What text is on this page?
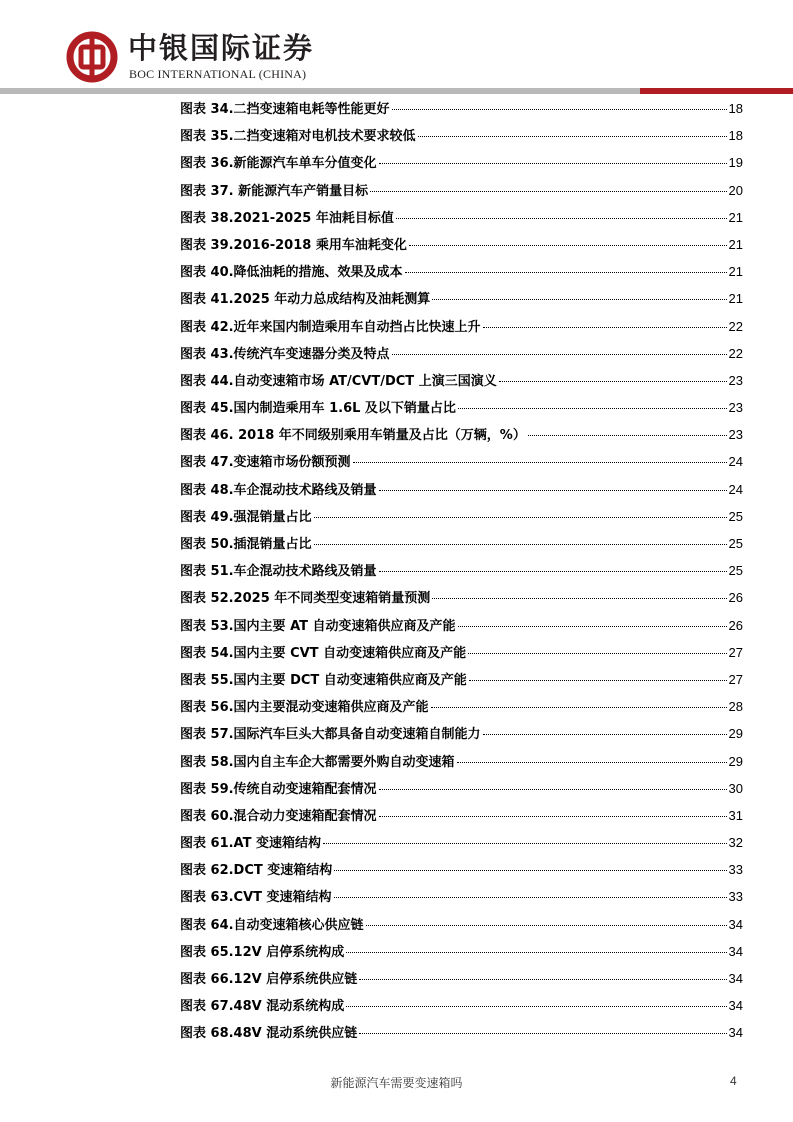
中银国际证券
BOC INTERNATIONAL (CHINA)
图表 34.二挡变速箱电耗等性能更好	18
图表 35.二挡变速箱对电机技术要求较低	18
图表 36.新能源汽车单车分值变化	19
图表 37. 新能源汽车产销量目标	20
图表 38.2021-2025 年油耗目标值	21
图表 39.2016-2018 乘用车油耗变化	21
图表 40.降低油耗的措施、效果及成本	21
图表 41.2025 年动力总成结构及油耗测算	21
图表 42.近年来国内制造乘用车自动挡占比快速上升	22
图表 43.传统汽车变速器分类及特点	22
图表 44.自动变速箱市场 AT/CVT/DCT 上演三国演义	23
图表 45.国内制造乘用车 1.6L 及以下销量占比	23
图表 46. 2018 年不同级别乘用车销量及占比（万辆，%）	23
图表 47.变速箱市场份额预测	24
图表 48.车企混动技术路线及销量	24
图表 49.强混销量占比	25
图表 50.插混销量占比	25
图表 51.车企混动技术路线及销量	25
图表 52.2025 年不同类型变速箱销量预测	26
图表 53.国内主要 AT 自动变速箱供应商及产能	26
图表 54.国内主要 CVT 自动变速箱供应商及产能	27
图表 55.国内主要 DCT 自动变速箱供应商及产能	27
图表 56.国内主要混动变速箱供应商及产能	28
图表 57.国际汽车巨头大都具备自动变速箱自制能力	29
图表 58.国内自主车企大都需要外购自动变速箱	29
图表 59.传统自动变速箱配套情况	30
图表 60.混合动力变速箱配套情况	31
图表 61.AT 变速箱结构	32
图表 62.DCT 变速箱结构	33
图表 63.CVT 变速箱结构	33
图表 64.自动变速箱核心供应链	34
图表 65.12V 启停系统构成	34
图表 66.12V 启停系统供应链	34
图表 67.48V 混动系统构成	34
图表 68.48V 混动系统供应链	34
新能源汽车需要变速箱吗	4
